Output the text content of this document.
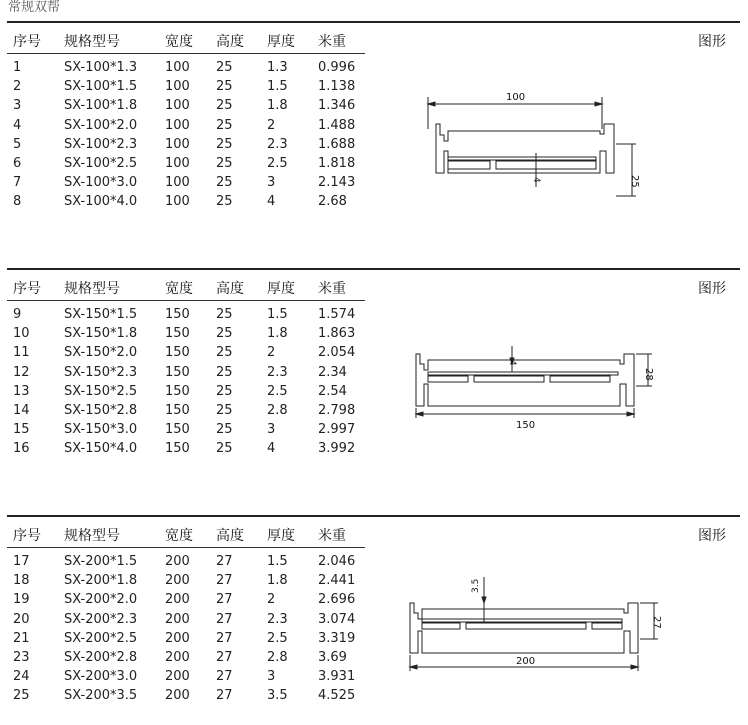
常规双帮
序号 规格型号	宽度 高度 厚度 米重	图形
1	SX-100*1.3 100 25	1.3 0.996
2	SX-100*1.5 100 25	1.5 1.138
3	SX-100*1.8 100 25	1.8 1.346
4	SX-100*2.0 100 25	2	1.488
5	SX-100*2.3 100 25	2.3 1.688
6	SX-100*2.5 100 25	2.5 1.818
7	SX-100*3.0 100 25	3	2.143
8	SX-100*4.0 100 25	4	2.68
100
25
4
序号 规格型号	宽度 高度 厚度 米重	图形
9	SX-150*1.5 150 25	1.5 1.574
10	SX-150*1.8 150 25	1.8 1.863
11	SX-150*2.0 150 25	2	2.054
12	SX-150*2.3 150 25	2.3 2.34
13	SX-150*2.5 150 25	2.5 2.54
14	SX-150*2.8 150 25	2.8 2.798
15	SX-150*3.0 150 25	3	2.997
16	SX-150*4.0 150 25	4	3.992
4
28
150
序号 规格型号	宽度 高度 厚度 米重	图形
17	SX-200*1.5 200 27	1.5 2.046
18	SX-200*1.8 200 27	1.8 2.441
19	SX-200*2.0 200 27	2	2.696
20	SX-200*2.3 200 27	2.3 3.074
21	SX-200*2.5 200 27	2.5 3.319
23	SX-200*2.8 200 27	2.8 3.69
24	SX-200*3.0 200 27	3	3.931
25	SX-200*3.5 200 27	3.5 4.525
3.5
27
200
